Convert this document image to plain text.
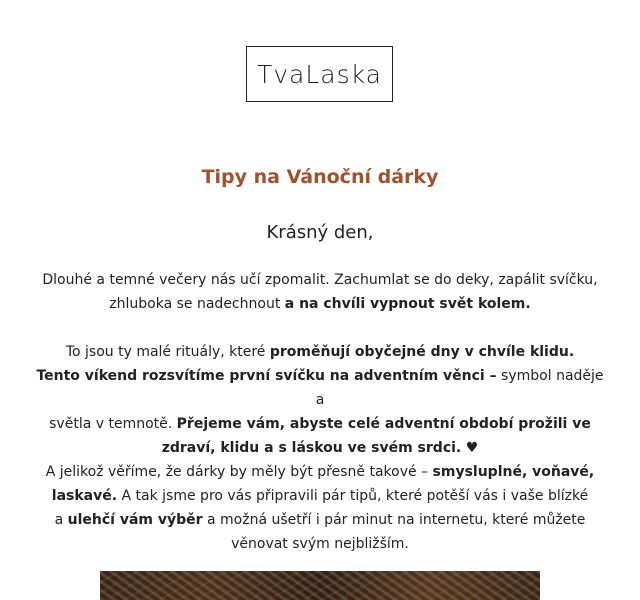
TvaLaska
Tipy na Vánoční dárky
Krásný den,
Dlouhé a temné večery nás učí zpomalit. Zachumlat se do deky, zapálit svíčku,
zhluboka se nadechnout a na chvíli vypnout svět kolem.
To jsou ty malé rituály, které proměňují obyčejné dny v chvíle klidu.
Tento víkend rozsvítíme první svíčku na adventním věnci – symbol naděje a
světla v temnotě. Přejeme vám, abyste celé adventní období prožili ve
zdraví, klidu a s láskou ve svém srdci. ♥
A jelikož věříme, že dárky by měly být přesně takové – smysluplné, voňavé,
laskavé. A tak jsme pro vás připravili pár tipů, které potěší vás i vaše blízké
a ulehčí vám výběr a možná ušetří i pár minut na internetu, které můžete
věnovat svým nejbližším.
